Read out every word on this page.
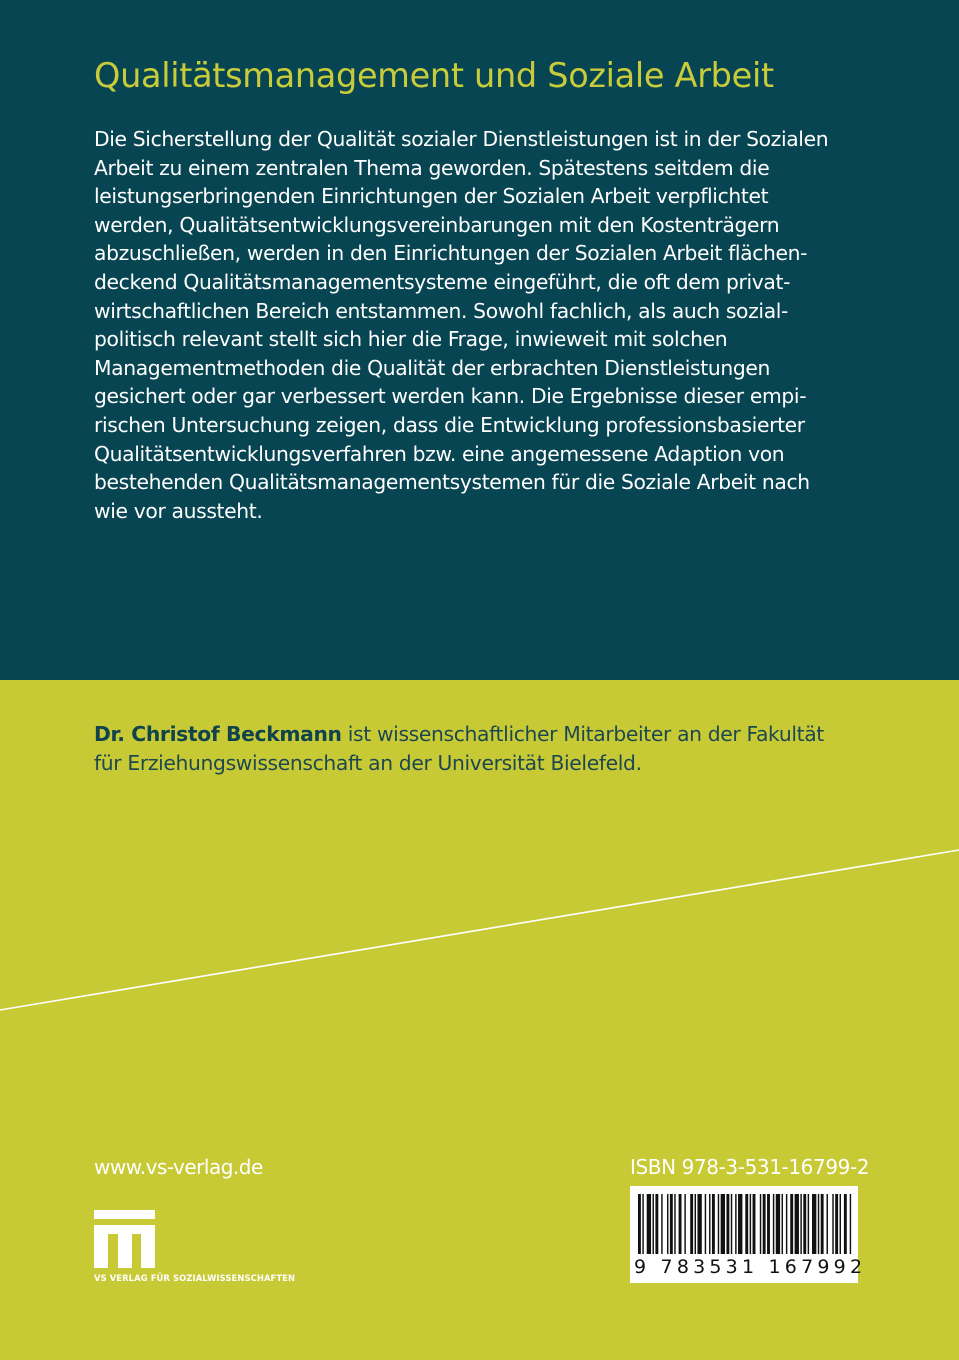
Qualitätsmanagement und Soziale Arbeit
Die Sicherstellung der Qualität sozialer Dienstleistungen ist in der Sozialen
Arbeit zu einem zentralen Thema geworden. Spätestens seitdem die
leistungserbringenden Einrichtungen der Sozialen Arbeit verpflichtet
werden, Qualitätsentwicklungsvereinbarungen mit den Kostenträgern
abzuschließen, werden in den Einrichtungen der Sozialen Arbeit flächen-
deckend Qualitätsmanagementsysteme eingeführt, die oft dem privat-
wirtschaftlichen Bereich entstammen. Sowohl fachlich, als auch sozial-
politisch relevant stellt sich hier die Frage, inwieweit mit solchen
Managementmethoden die Qualität der erbrachten Dienstleistungen
gesichert oder gar verbessert werden kann. Die Ergebnisse dieser empi-
rischen Untersuchung zeigen, dass die Entwicklung professionsbasierter
Qualitätsentwicklungsverfahren bzw. eine angemessene Adaption von
bestehenden Qualitätsmanagementsystemen für die Soziale Arbeit nach
wie vor aussteht.
Dr. Christof Beckmann ist wissenschaftlicher Mitarbeiter an der Fakultät
für Erziehungswissenschaft an der Universität Bielefeld.

www.vs-verlag.de

VS VERLAG FÜR SOZIALWISSENSCHAFTEN

ISBN 978-3-531-16799-2

9 783531 167992
